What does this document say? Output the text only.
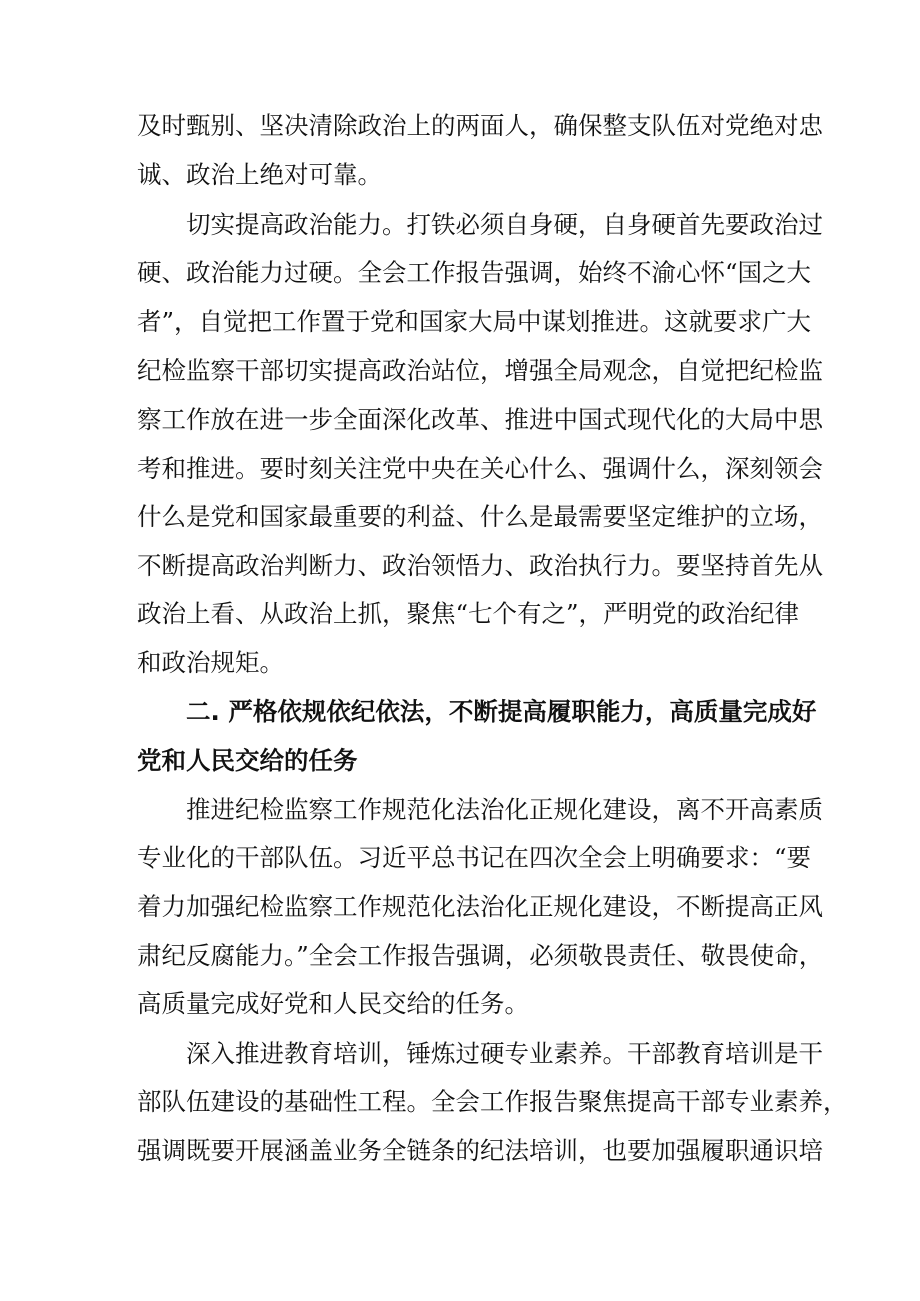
及时甄别、坚决清除政治上的两面人，确保整支队伍对党绝对忠
诚、政治上绝对可靠。
切实提高政治能力。打铁必须自身硬，自身硬首先要政治过
硬、政治能力过硬。全会工作报告强调，始终不渝心怀“国之大
者”，自觉把工作置于党和国家大局中谋划推进。这就要求广大
纪检监察干部切实提高政治站位，增强全局观念，自觉把纪检监
察工作放在进一步全面深化改革、推进中国式现代化的大局中思
考和推进。要时刻关注党中央在关心什么、强调什么，深刻领会
什么是党和国家最重要的利益、什么是最需要坚定维护的立场，
不断提高政治判断力、政治领悟力、政治执行力。要坚持首先从
政治上看、从政治上抓，聚焦“七个有之”，严明党的政治纪律
和政治规矩。
二. 严格依规依纪依法，不断提高履职能力，高质量完成好
党和人民交给的任务
推进纪检监察工作规范化法治化正规化建设，离不开高素质
专业化的干部队伍。习近平总书记在四次全会上明确要求：“要
着力加强纪检监察工作规范化法治化正规化建设，不断提高正风
肃纪反腐能力。”全会工作报告强调，必须敬畏责任、敬畏使命，
高质量完成好党和人民交给的任务。
深入推进教育培训，锤炼过硬专业素养。干部教育培训是干
部队伍建设的基础性工程。全会工作报告聚焦提高干部专业素养，
强调既要开展涵盖业务全链条的纪法培训，也要加强履职通识培
